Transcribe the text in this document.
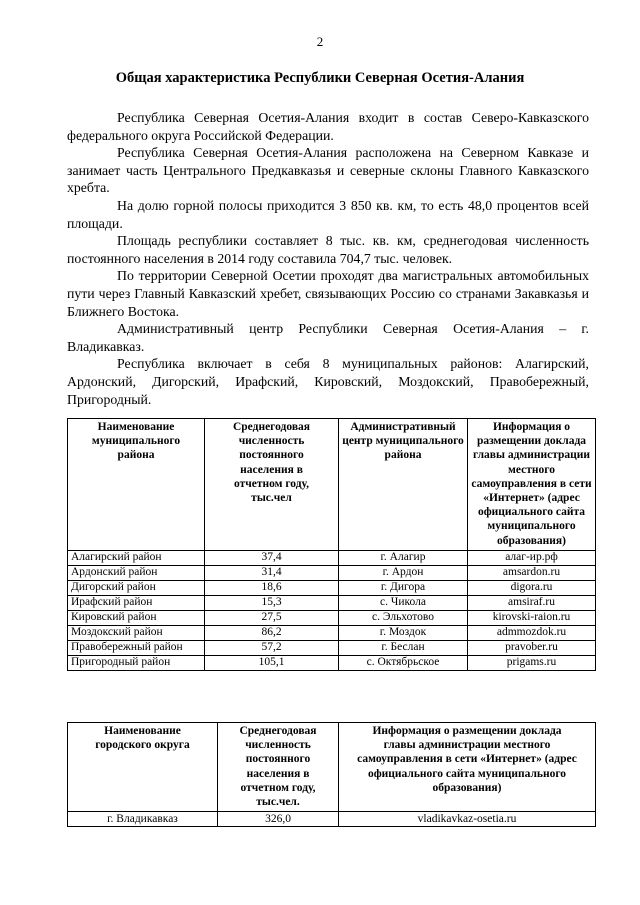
2
Общая характеристика Республики Северная Осетия-Алания

Республика Северная Осетия-Алания входит в состав Северо-Кавказского федерального округа Российской Федерации.

Республика Северная Осетия-Алания расположена на Северном Кавказе и занимает часть Центрального Предкавказья и северные склоны Главного Кавказского хребта.

На долю горной полосы приходится 3 850 кв. км, то есть 48,0 процентов всей площади.

Площадь республики составляет 8 тыс. кв. км, среднегодовая численность постоянного населения в 2014 году составила 704,7 тыс. человек.

По территории Северной Осетии проходят два магистральных автомобильных пути через Главный Кавказский хребет, связывающих Россию со странами Закавказья и Ближнего Востока.

Административный центр Республики Северная Осетия-Алания – г. Владикавказ.

Республика включает в себя 8 муниципальных районов: Алагирский, Ардонский, Дигорский, Ирафский, Кировский, Моздокский, Правобережный, Пригородный.

Наименование муниципального района	Среднегодовая численность постоянного населения в отчетном году, тыс.чел	Административный центр муниципального района	Информация о размещении доклада главы администрации местного самоуправления в сети «Интернет» (адрес официального сайта муниципального образования)
Алагирский район	37,4	г. Алагир	алаг-ир.рф
Ардонский район	31,4	г. Ардон	amsardon.ru
Дигорский район	18,6	г. Дигора	digora.ru
Ирафский район	15,3	с. Чикола	amsiraf.ru
Кировский район	27,5	с. Эльхотово	kirovski-raion.ru
Моздокский район	86,2	г. Моздок	admmozdok.ru
Правобережный район	57,2	г. Беслан	pravober.ru
Пригородный район	105,1	с. Октябрьское	prigams.ru
Наименование городского округа	Среднегодовая численность постоянного населения в отчетном году, тыс.чел.	Информация о размещении доклада главы администрации местного самоуправления в сети «Интернет» (адрес официального сайта муниципального образования)
г. Владикавказ	326,0	vladikavkaz-osetia.ru
